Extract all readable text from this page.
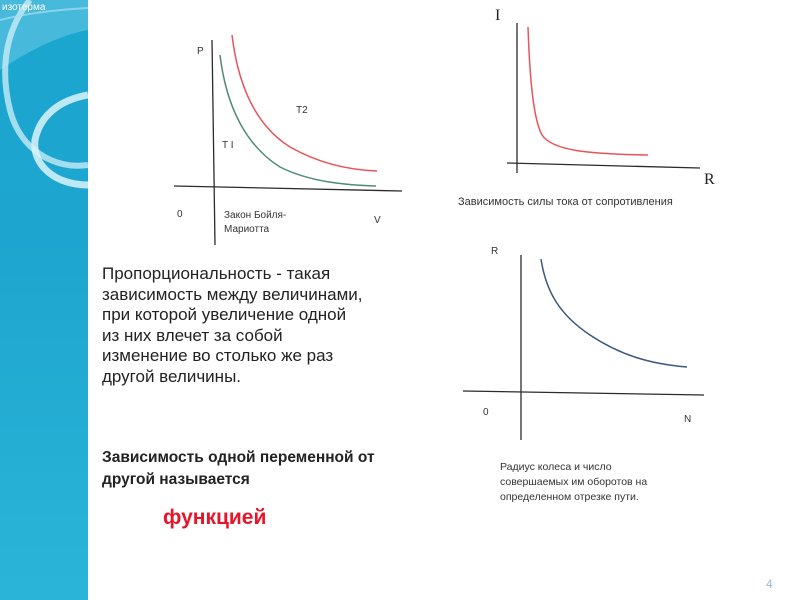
изотерма
P
T2
T I
0	Закон Бойля-
Мариотта
V
I
R
Зависимость силы тока от сопротивления
R
0
N
Радиус колеса и число
совершаемых им оборотов на
определенном отрезке пути.
Пропорциональность - такая
зависимость между величинами,
при которой увеличение одной
из них влечет за собой
изменение во столько же раз
другой величины.
Зависимость одной переменной от
другой называется
функцией
4
